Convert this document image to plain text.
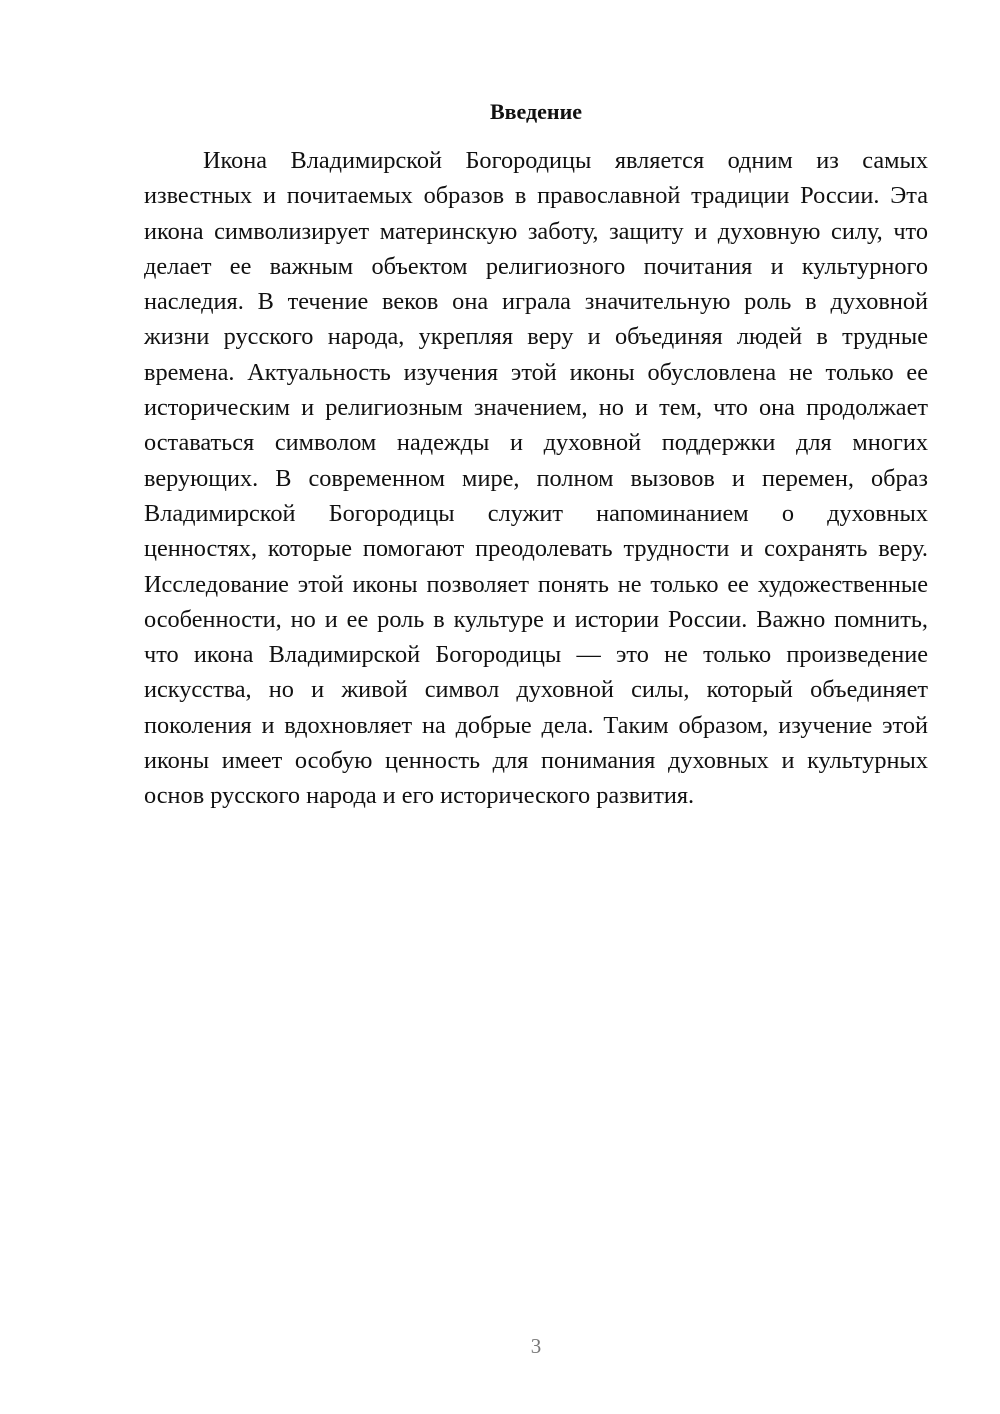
Введение
Икона Владимирской Богородицы является одним из самых
известных и почитаемых образов в православной традиции России. Эта
икона символизирует материнскую заботу, защиту и духовную силу, что
делает ее важным объектом религиозного почитания и культурного
наследия. В течение веков она играла значительную роль в духовной
жизни русского народа, укрепляя веру и объединяя людей в трудные
времена. Актуальность изучения этой иконы обусловлена не только ее
историческим и религиозным значением, но и тем, что она продолжает
оставаться символом надежды и духовной поддержки для многих
верующих. В современном мире, полном вызовов и перемен, образ
Владимирской Богородицы служит напоминанием о духовных
ценностях, которые помогают преодолевать трудности и сохранять веру.
Исследование этой иконы позволяет понять не только ее художественные
особенности, но и ее роль в культуре и истории России. Важно помнить,
что икона Владимирской Богородицы — это не только произведение
искусства, но и живой символ духовной силы, который объединяет
поколения и вдохновляет на добрые дела. Таким образом, изучение этой
иконы имеет особую ценность для понимания духовных и культурных
основ русского народа и его исторического развития.
3
